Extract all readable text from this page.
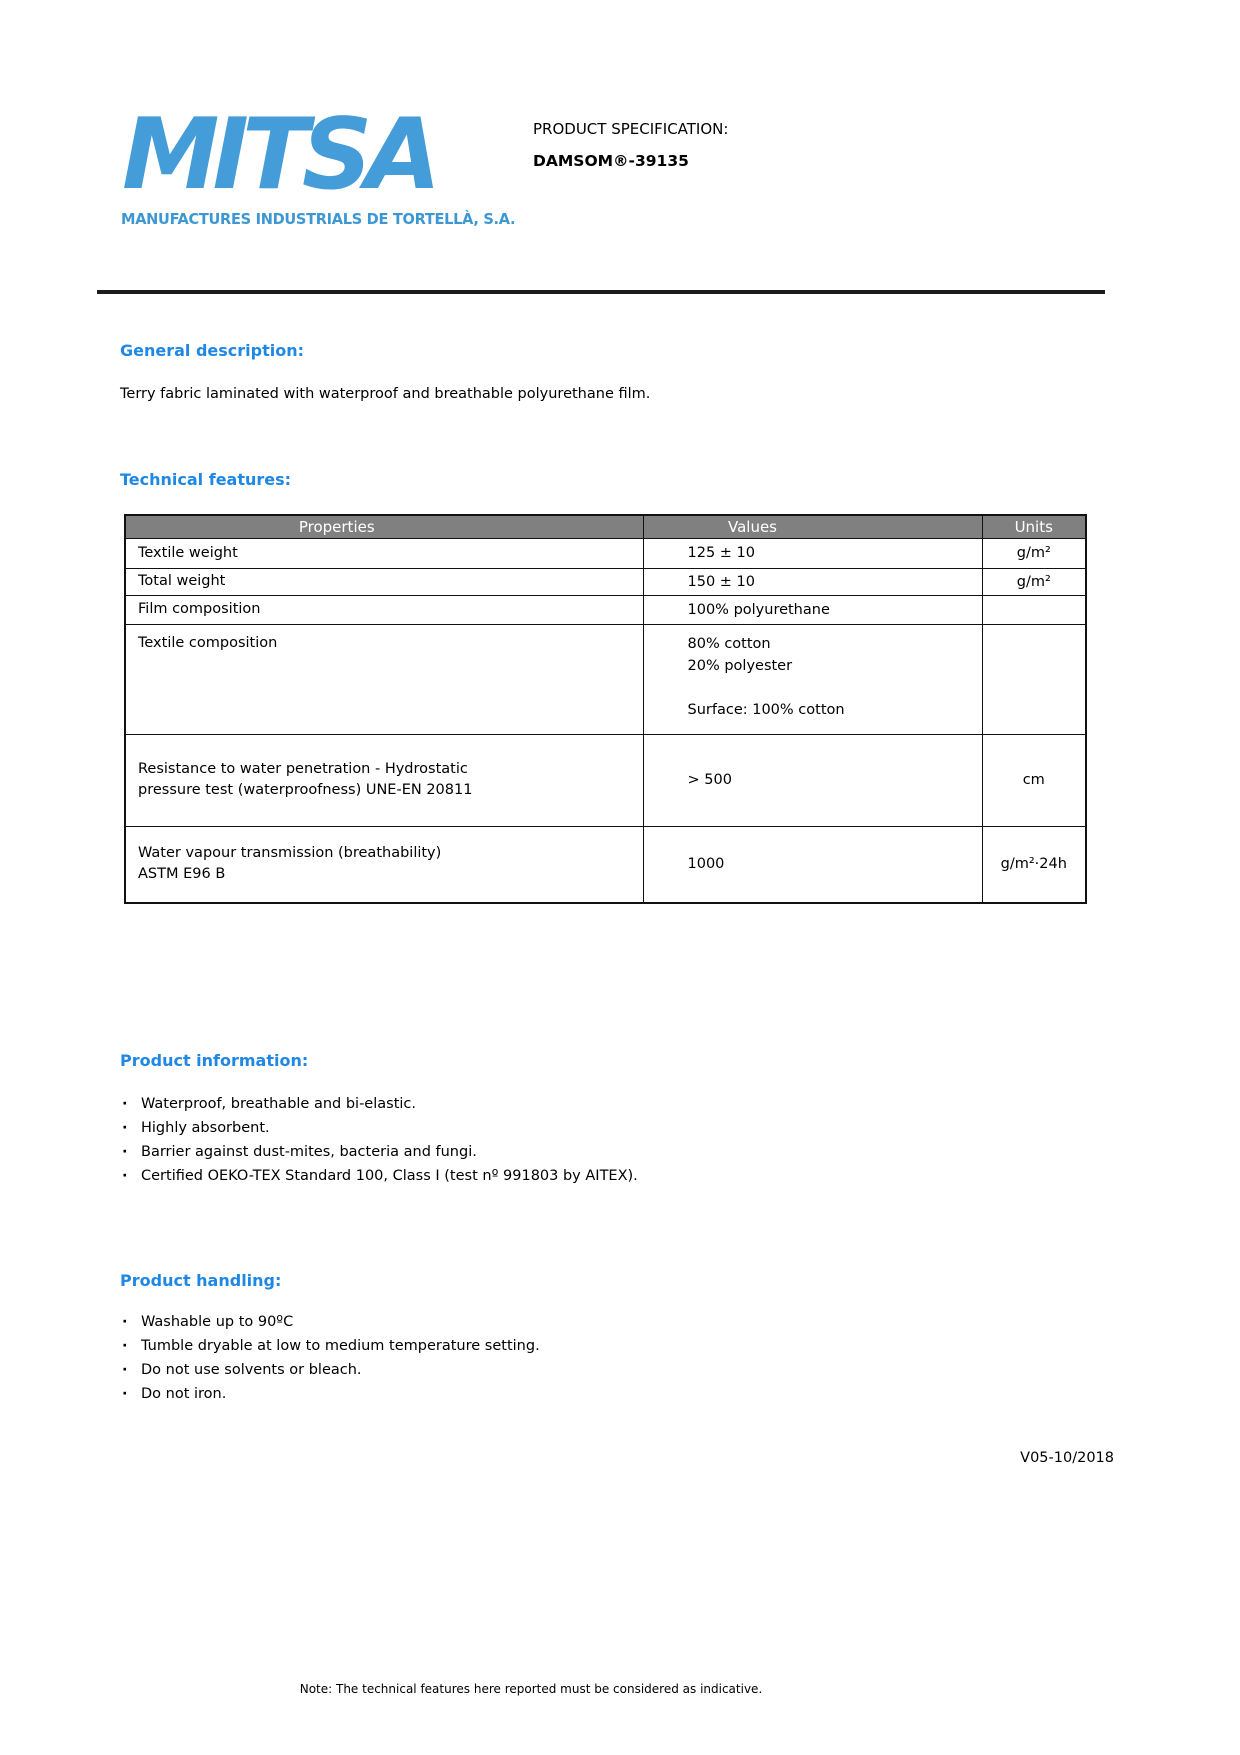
MITSA
MANUFACTURES INDUSTRIALS DE TORTELLÀ, S.A.
PRODUCT SPECIFICATION:
DAMSOM®-39135
General description:
Terry fabric laminated with waterproof and breathable polyurethane film.
Technical features:
Properties	Values	Units
Textile weight	125 ± 10	g/m²
Total weight	150 ± 10	g/m²
Film composition	100% polyurethane	
Textile composition	80% cotton
20% polyester
Surface: 100% cotton	

Resistance to water penetration - Hydrostatic
pressure test (waterproofness) UNE-EN 20811	> 500	cm

Water vapour transmission (breathability)
ASTM E96 B	1000	g/m²·24h
Product information:
· Waterproof, breathable and bi-elastic.
· Highly absorbent.
· Barrier against dust-mites, bacteria and fungi.
· Certified OEKO-TEX Standard 100, Class I (test nº 991803 by AITEX).
Product handling:
· Washable up to 90ºC
· Tumble dryable at low to medium temperature setting.
· Do not use solvents or bleach.
· Do not iron.
V05-10/2018
Note: The technical features here reported must be considered as indicative.
